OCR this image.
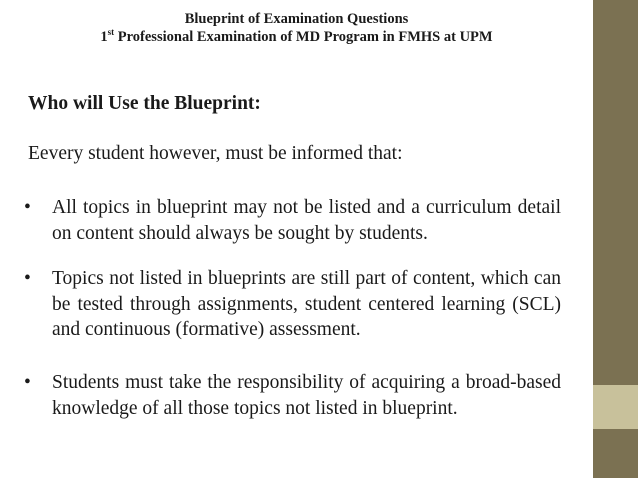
Blueprint of Examination Questions
1st Professional Examination of MD Program in FMHS at UPM
Who will Use the Blueprint:
Eevery student however, must be informed that:
• All topics in blueprint may not be listed and a curriculum detail on content should always be sought by students.
• Topics not listed in blueprints are still part of content, which can be tested through assignments, student centered learning (SCL) and continuous (formative) assessment.
• Students must take the responsibility of acquiring a broad-based knowledge of all those topics not listed in blueprint.
